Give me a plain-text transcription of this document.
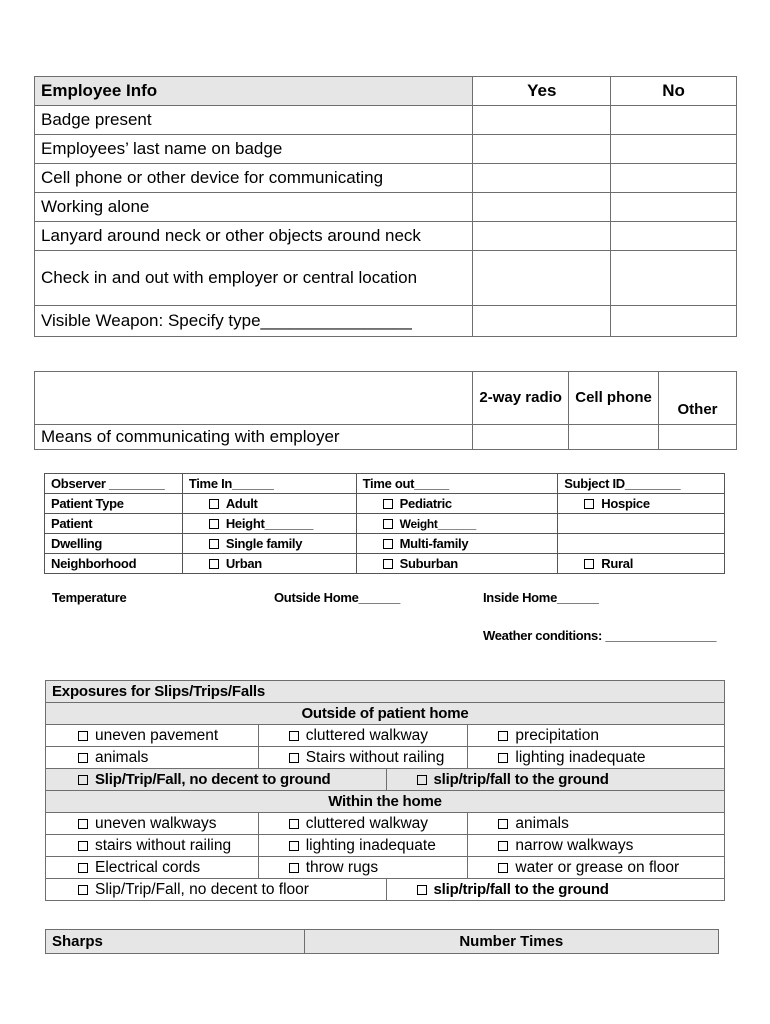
Employee Info	Yes	No
Badge present		
Employees’ last name on badge		
Cell phone or other device for communicating		
Working alone		
Lanyard around neck or other objects around neck		
Check in and out with employer or central location		
Visible Weapon: Specify type________________		
	2-way radio	Cell phone	Other
Means of communicating with employer			
Observer ________	Time In______	Time out_____	Subject ID________
Patient Type	Adult	Pediatric	Hospice
Patient	Height_______	Weight______	
Dwelling	Single family	Multi-family	
Neighborhood	Urban	Suburban	Rural
Temperature	Outside Home______	Inside Home______
Weather conditions: ________________
Exposures for Slips/Trips/Falls			
Outside of patient home			
uneven pavement	cluttered walkway		precipitation
animals	Stairs without railing		lighting inadequate
Slip/Trip/Fall, no decent to ground		slip/trip/fall to the ground	
Within the home			
uneven walkways	cluttered walkway		animals
stairs without railing	lighting inadequate		narrow walkways
Electrical cords	throw rugs		water or grease on floor
Slip/Trip/Fall, no decent to floor		slip/trip/fall to the ground	
Sharps	Number Times
